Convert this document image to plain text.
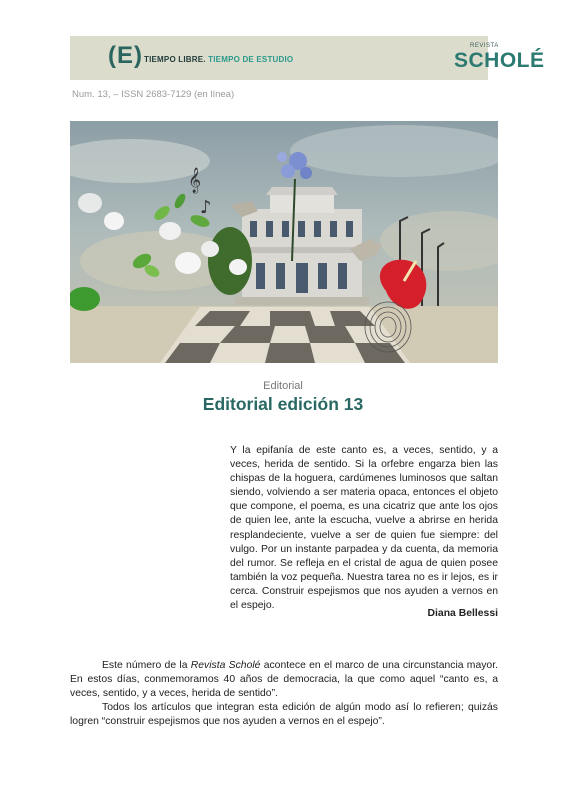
(E) TIEMPO LIBRE. TIEMPO DE ESTUDIO
REVISTA
SCHOLÉ
Num. 13, – ISSN 2683-7129 (en línea)
𝄞
♪
Editorial
Editorial edición 13

Y la epifanía de este canto es, a veces, sentido, y a veces, herida de sentido. Si la orfebre engarza bien las chispas de la hoguera, cardúmenes luminosos que saltan siendo, volviendo a ser materia opaca, entonces el objeto que compone, el poema, es una cicatriz que ante los ojos de quien lee, ante la escucha, vuelve a abrirse en herida resplandeciente, vuelve a ser de quien fue siempre: del vulgo. Por un instante parpadea y da cuenta, da memoria del rumor. Se refleja en el cristal de agua de quien posee también la voz pequeña. Nuestra tarea no es ir lejos, es ir cerca. Construir espejismos que nos ayuden a vernos en el espejo.

Diana Bellessi

Este número de la Revista Scholé acontece en el marco de una circunstancia mayor. En estos días, conmemoramos 40 años de democracia, la que como aquel “canto es, a veces, sentido, y a veces, herida de sentido”.

Todos los artículos que integran esta edición de algún modo así lo refieren; quizás logren “construir espejismos que nos ayuden a vernos en el espejo”.
